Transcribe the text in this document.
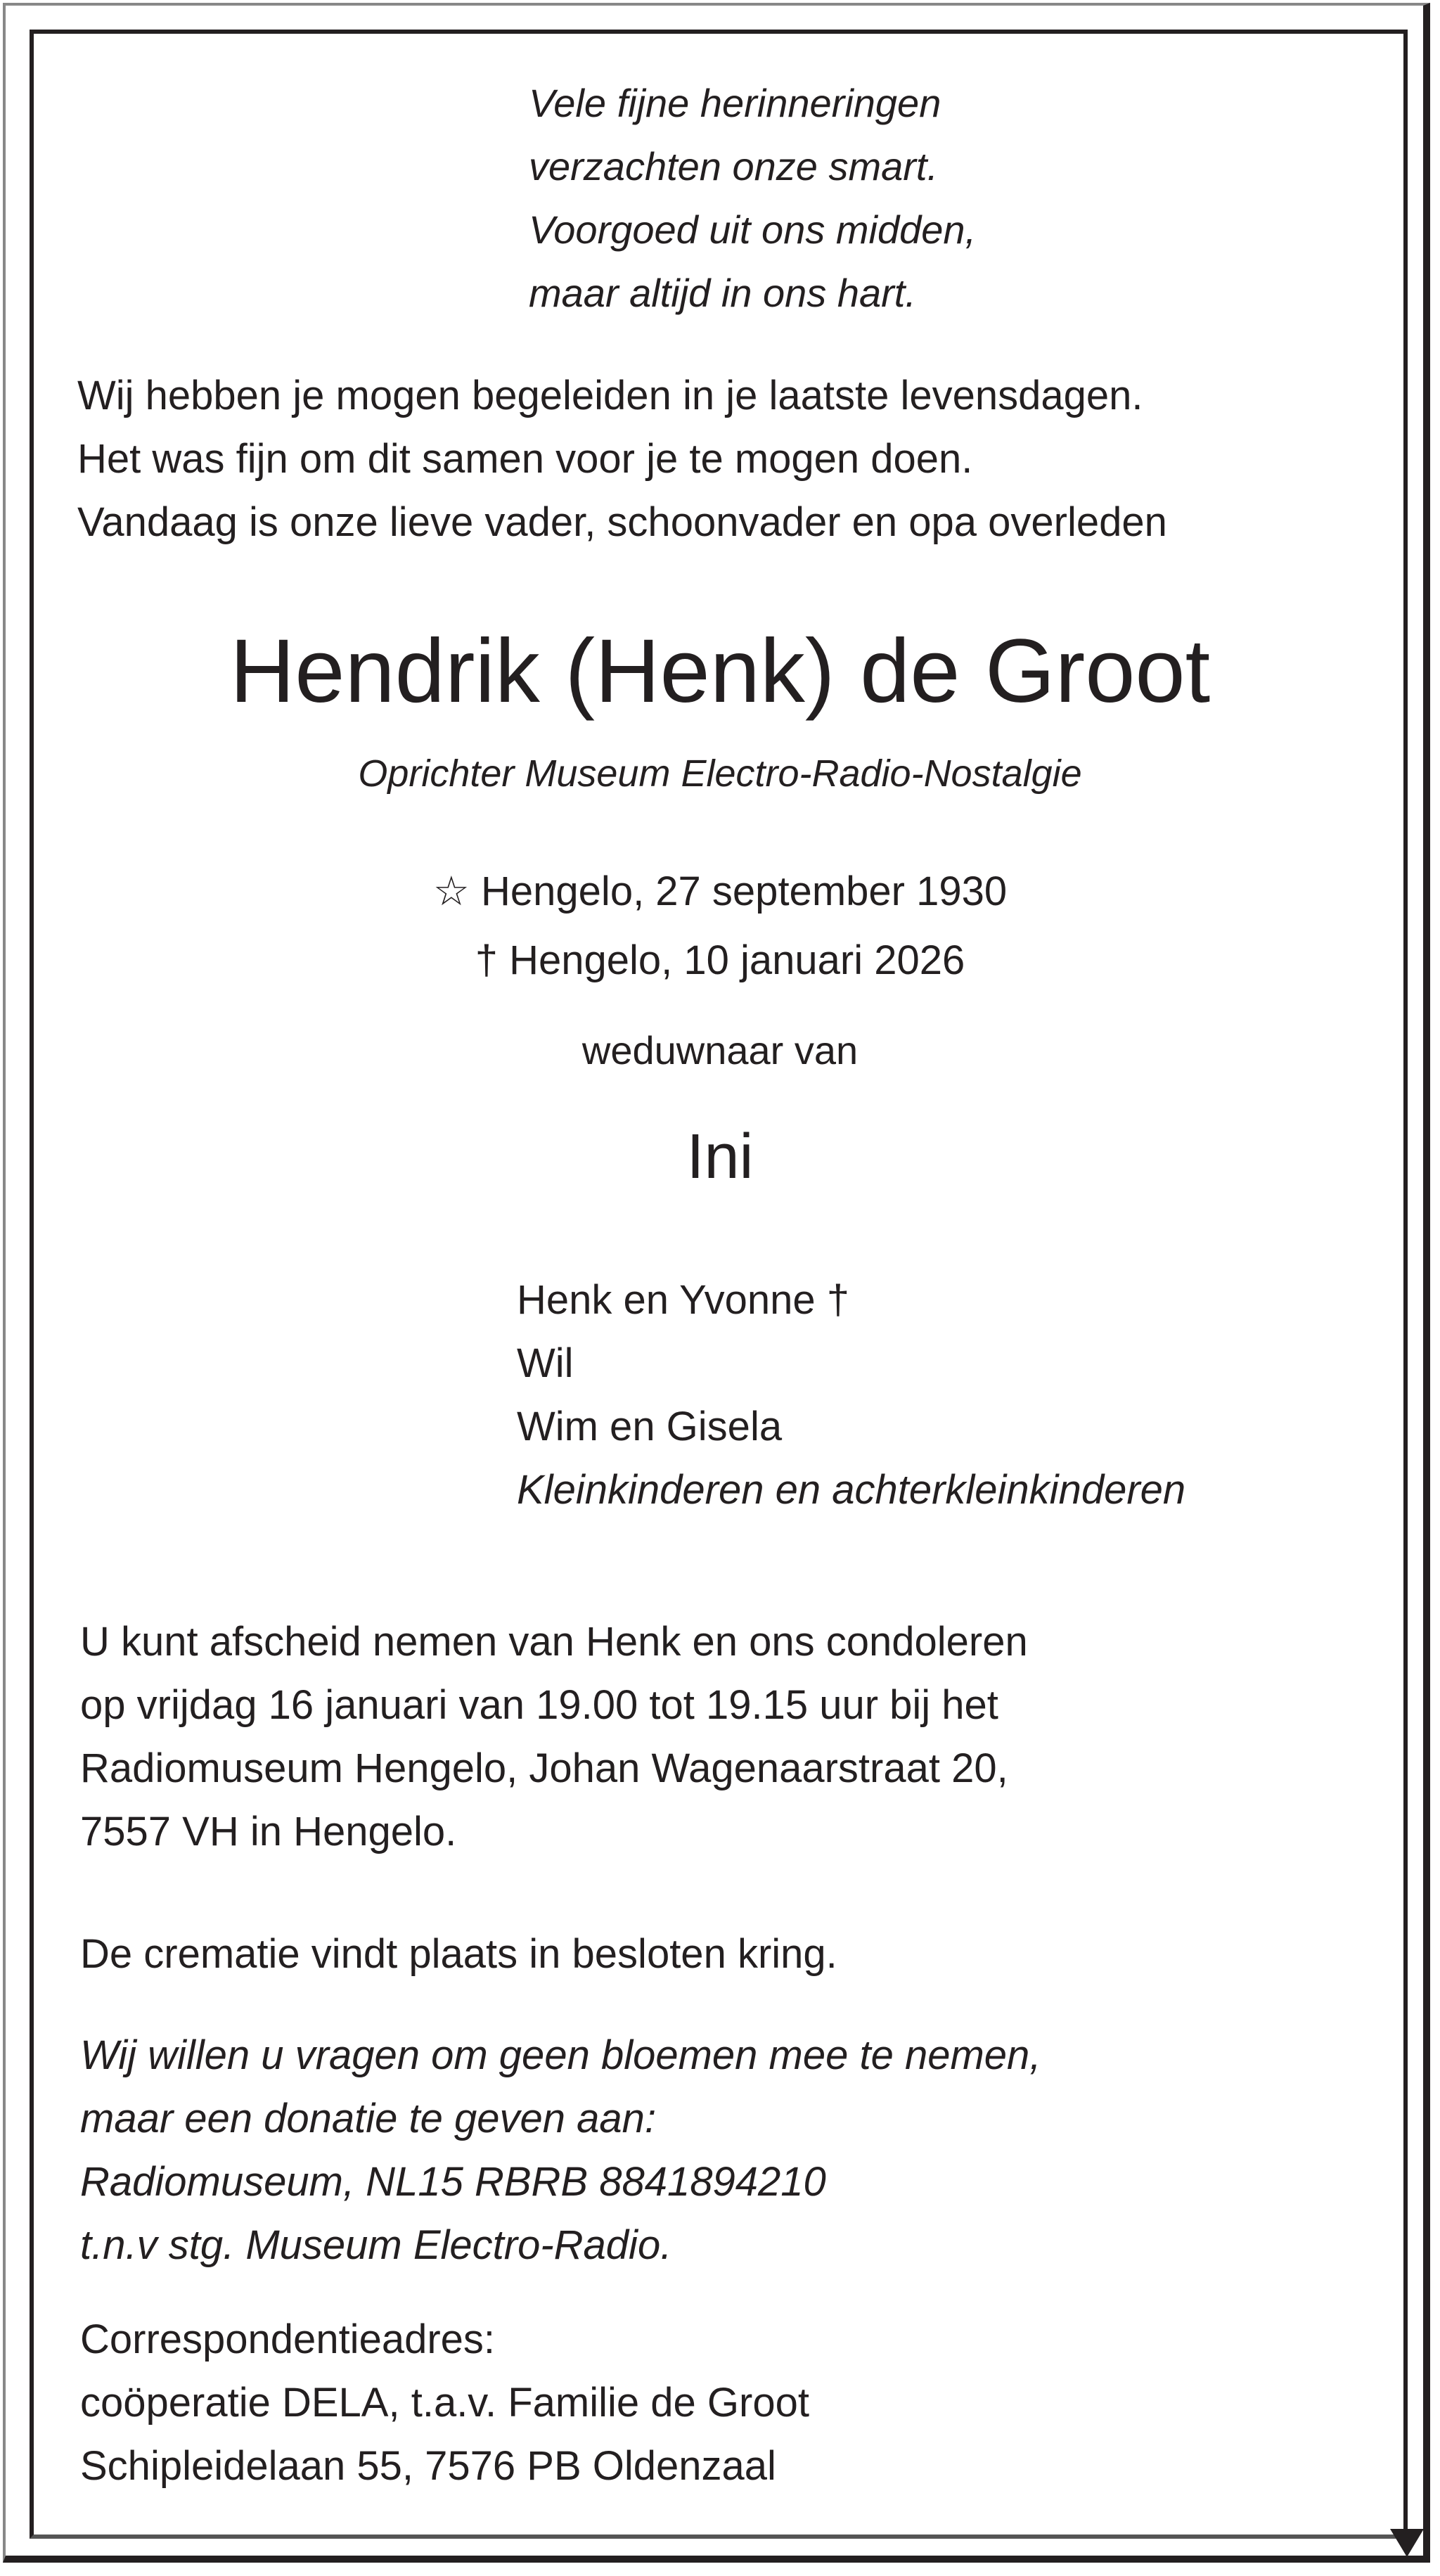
Vele fijne herinneringen
verzachten onze smart.
Voorgoed uit ons midden,
maar altijd in ons hart.
Wij hebben je mogen begeleiden in je laatste levensdagen.
Het was fijn om dit samen voor je te mogen doen.
Vandaag is onze lieve vader, schoonvader en opa overleden
Hendrik (Henk) de Groot
Oprichter Museum Electro-Radio-Nostalgie
☆ Hengelo, 27 september 1930
† Hengelo, 10 januari 2026
weduwnaar van
Ini
Henk en Yvonne †
Wil
Wim en Gisela
Kleinkinderen en achterkleinkinderen
U kunt afscheid nemen van Henk en ons condoleren
op vrijdag 16 januari van 19.00 tot 19.15 uur bij het
Radiomuseum Hengelo, Johan Wagenaarstraat 20,
7557 VH in Hengelo.
De crematie vindt plaats in besloten kring.
Wij willen u vragen om geen bloemen mee te nemen,
maar een donatie te geven aan:
Radiomuseum, NL15 RBRB 8841894210
t.n.v stg. Museum Electro-Radio.
Correspondentieadres:
coöperatie DELA, t.a.v. Familie de Groot
Schipleidelaan 55, 7576 PB Oldenzaal
